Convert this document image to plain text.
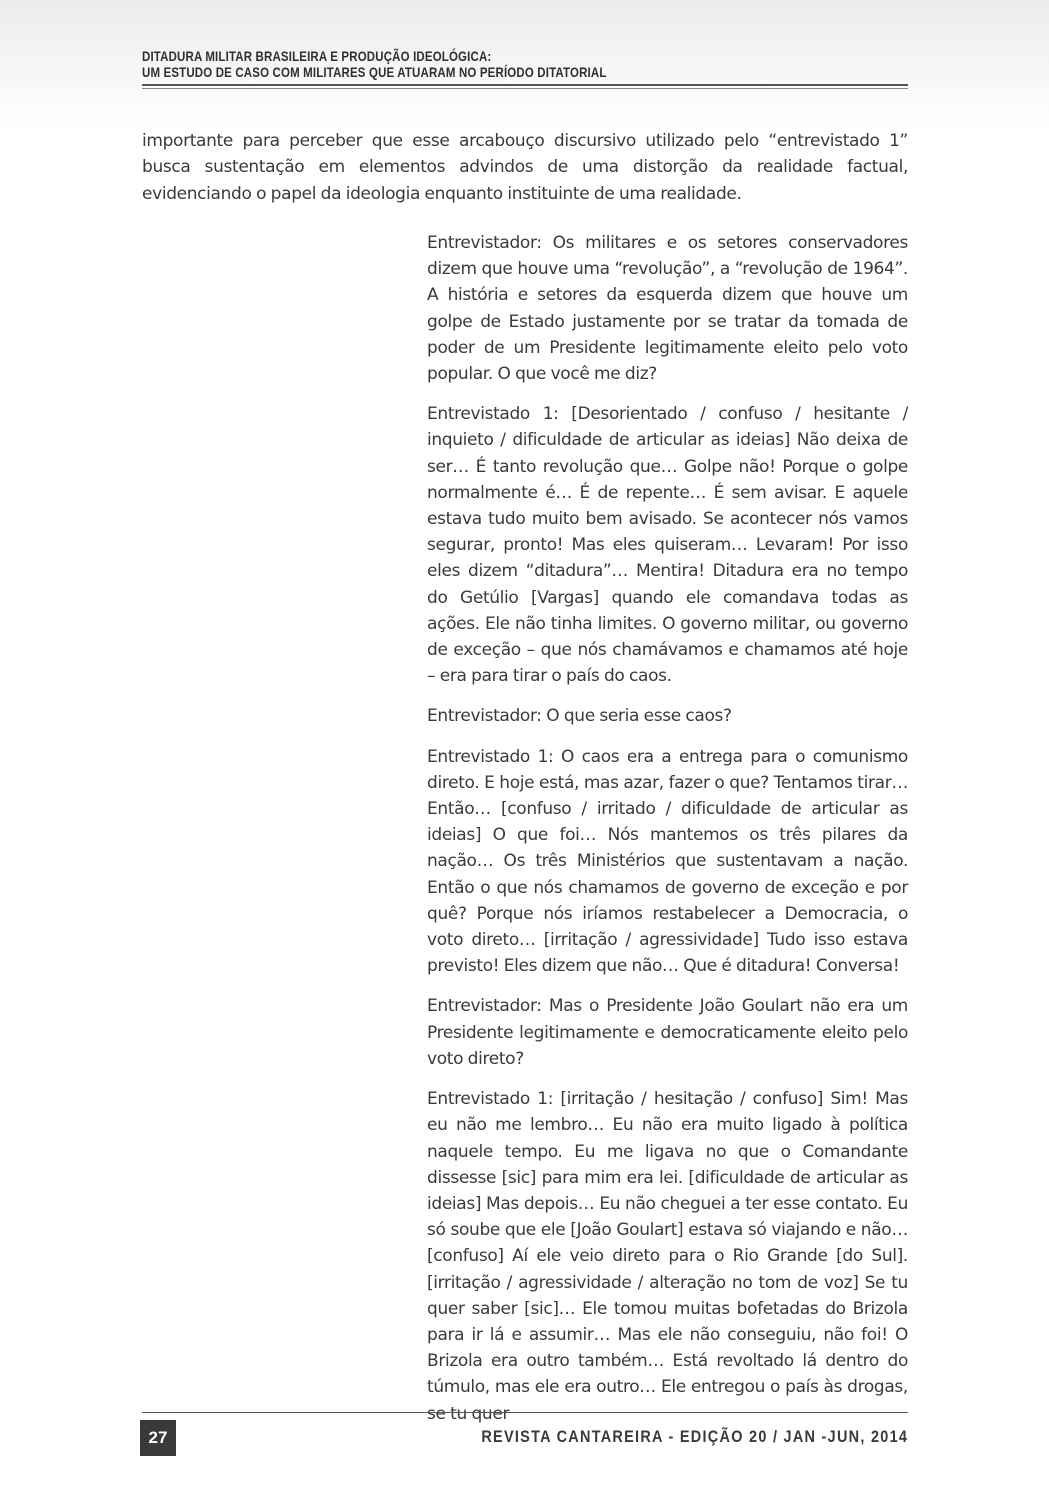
DITADURA MILITAR BRASILEIRA E PRODUÇÃO IDEOLÓGICA:
UM ESTUDO DE CASO COM MILITARES QUE ATUARAM NO PERÍODO DITATORIAL

importante para perceber que esse arcabouço discursivo utilizado pelo “entrevistado 1” busca sustentação em elementos advindos de uma distorção da realidade factual, evidenciando o papel da ideologia enquanto instituinte de uma realidade.

Entrevistador: Os militares e os setores conservadores dizem que houve uma “revolução”, a “revolução de 1964”. A história e setores da esquerda dizem que houve um golpe de Estado justamente por se tratar da tomada de poder de um Presidente legitimamente eleito pelo voto popular. O que você me diz?

Entrevistado 1: [Desorientado / confuso / hesitante / inquieto / dificuldade de articular as ideias] Não deixa de ser… É tanto revolução que… Golpe não! Porque o golpe normalmente é… É de repente… É sem avisar. E aquele estava tudo muito bem avisado. Se acontecer nós vamos segurar, pronto! Mas eles quiseram… Levaram! Por isso eles dizem “ditadura”… Mentira! Ditadura era no tempo do Getúlio [Vargas] quando ele comandava todas as ações. Ele não tinha limites. O governo militar, ou governo de exceção – que nós chamávamos e chamamos até hoje – era para tirar o país do caos.

Entrevistador: O que seria esse caos?

Entrevistado 1: O caos era a entrega para o comunismo direto. E hoje está, mas azar, fazer o que? Tentamos tirar… Então… [confuso / irritado / dificuldade de articular as ideias] O que foi… Nós mantemos os três pilares da nação… Os três Ministérios que sustentavam a nação. Então o que nós chamamos de governo de exceção e por quê? Porque nós iríamos restabelecer a Democracia, o voto direto… [irritação / agressividade] Tudo isso estava previsto! Eles dizem que não… Que é ditadura! Conversa!

Entrevistador: Mas o Presidente João Goulart não era um Presidente legitimamente e democraticamente eleito pelo voto direto?

Entrevistado 1: [irritação / hesitação / confuso] Sim! Mas eu não me lembro… Eu não era muito ligado à política naquele tempo. Eu me ligava no que o Comandante dissesse [sic] para mim era lei. [dificuldade de articular as ideias] Mas depois… Eu não cheguei a ter esse contato. Eu só soube que ele [João Goulart] estava só viajando e não… [confuso] Aí ele veio direto para o Rio Grande [do Sul]. [irritação / agressividade / alteração no tom de voz] Se tu quer saber [sic]… Ele tomou muitas bofetadas do Brizola para ir lá e assumir… Mas ele não conseguiu, não foi! O Brizola era outro também… Está revoltado lá dentro do túmulo, mas ele era outro… Ele entregou o país às drogas, se tu quer

27	REVISTA CANTAREIRA - EDIÇÃO 20 / JAN -JUN, 2014
